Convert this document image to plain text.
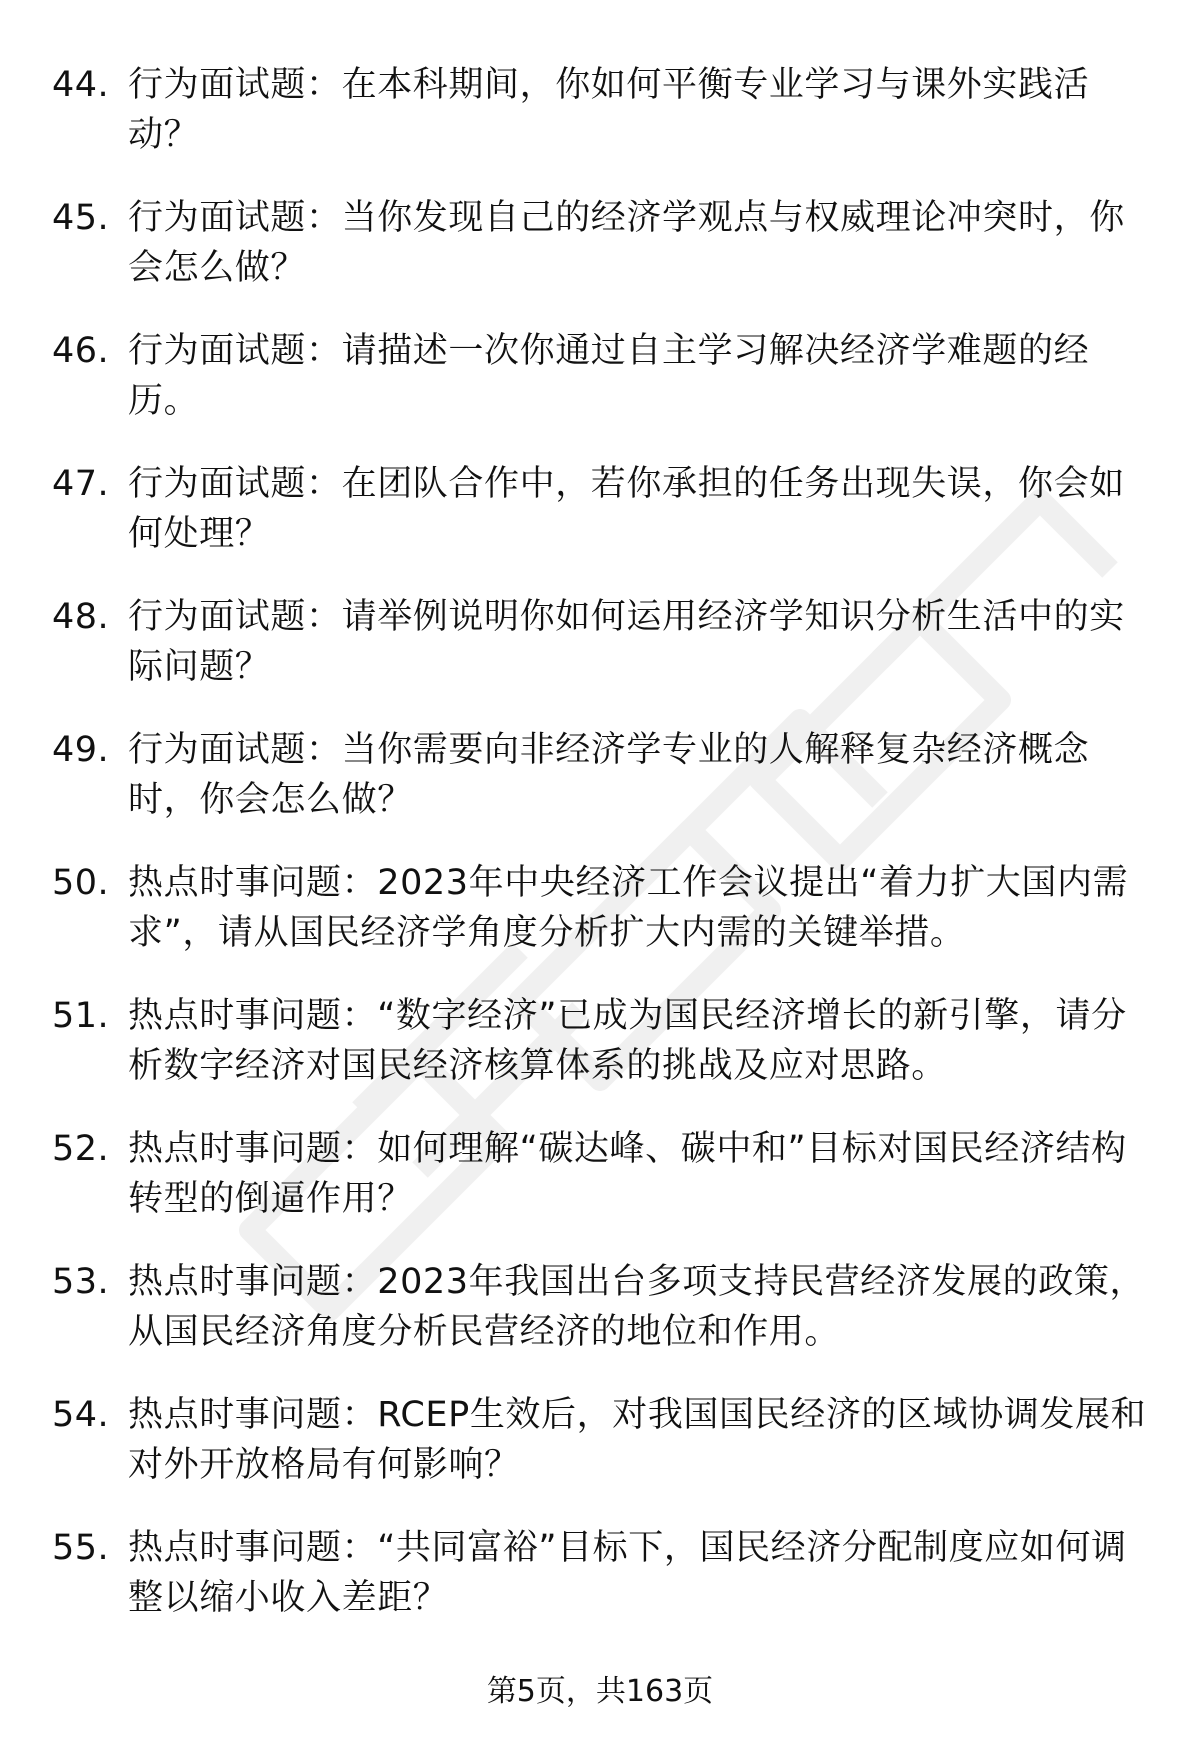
44. 行为面试题：在本科期间，你如何平衡专业学习与课外实践活动？
45. 行为面试题：当你发现自己的经济学观点与权威理论冲突时，你会怎么做？
46. 行为面试题：请描述一次你通过自主学习解决经济学难题的经历。
47. 行为面试题：在团队合作中，若你承担的任务出现失误，你会如何处理？
48. 行为面试题：请举例说明你如何运用经济学知识分析生活中的实际问题？
49. 行为面试题：当你需要向非经济学专业的人解释复杂经济概念时，你会怎么做？
50. 热点时事问题：2023年中央经济工作会议提出“着力扩大国内需求”，请从国民经济学角度分析扩大内需的关键举措。
51. 热点时事问题：“数字经济”已成为国民经济增长的新引擎，请分析数字经济对国民经济核算体系的挑战及应对思路。
52. 热点时事问题：如何理解“碳达峰、碳中和”目标对国民经济结构转型的倒逼作用？
53. 热点时事问题：2023年我国出台多项支持民营经济发展的政策，从国民经济角度分析民营经济的地位和作用。
54. 热点时事问题：RCEP生效后，对我国国民经济的区域协调发展和对外开放格局有何影响？
55. 热点时事问题：“共同富裕”目标下，国民经济分配制度应如何调整以缩小收入差距？
第5页，共163页
